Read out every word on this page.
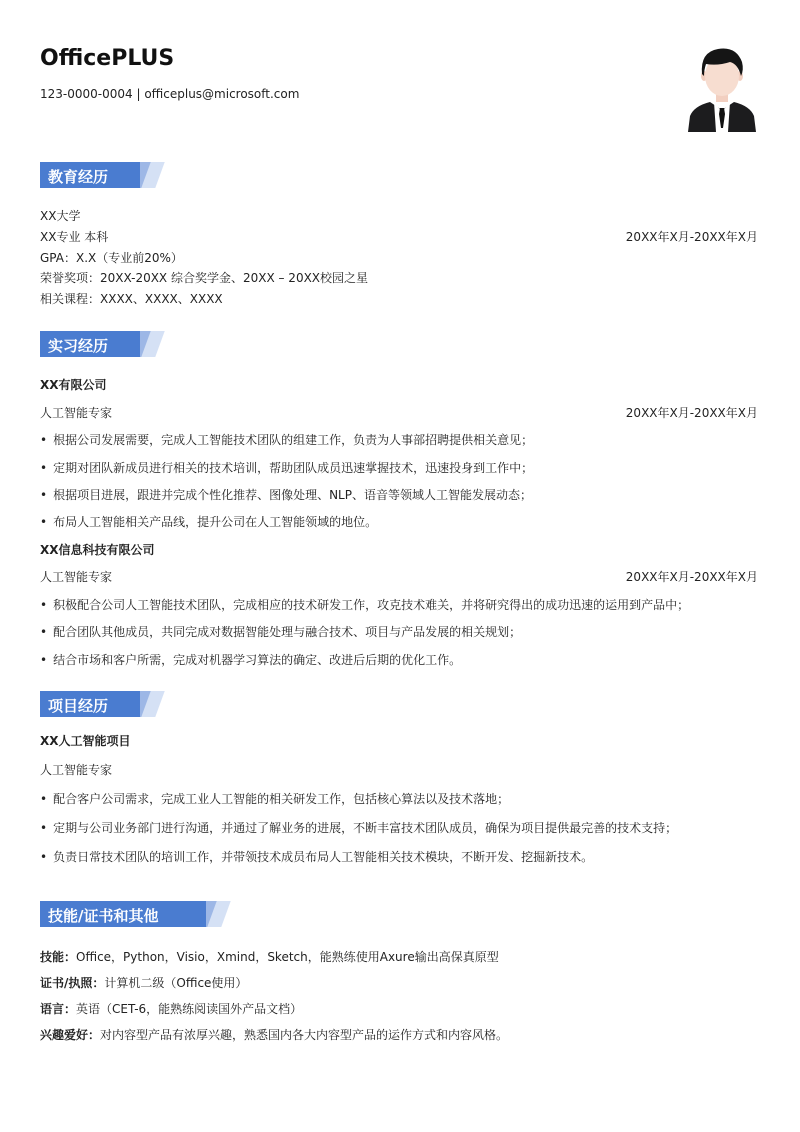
OfficePLUS
123-0000-0004 | officeplus@microsoft.com
教育经历
XX大学
XX专业 本科	20XX年X月-20XX年X月
GPA：X.X（专业前20%）
荣誉奖项：20XX-20XX 综合奖学金、20XX – 20XX校园之星
相关课程：XXXX、XXXX、XXXX
实习经历
XX有限公司
人工智能专家	20XX年X月-20XX年X月
• 根据公司发展需要，完成人工智能技术团队的组建工作，负责为人事部招聘提供相关意见；
• 定期对团队新成员进行相关的技术培训，帮助团队成员迅速掌握技术，迅速投身到工作中；
• 根据项目进展，跟进并完成个性化推荐、图像处理、NLP、语音等领域人工智能发展动态；
• 布局人工智能相关产品线，提升公司在人工智能领域的地位。
XX信息科技有限公司
人工智能专家	20XX年X月-20XX年X月
• 积极配合公司人工智能技术团队，完成相应的技术研发工作，攻克技术难关，并将研究得出的成功迅速的运用到产品中；
• 配合团队其他成员，共同完成对数据智能处理与融合技术、项目与产品发展的相关规划；
• 结合市场和客户所需，完成对机器学习算法的确定、改进后后期的优化工作。
项目经历
XX人工智能项目
人工智能专家
• 配合客户公司需求，完成工业人工智能的相关研发工作，包括核心算法以及技术落地；
• 定期与公司业务部门进行沟通，并通过了解业务的进展，不断丰富技术团队成员，确保为项目提供最完善的技术支持；
• 负责日常技术团队的培训工作，并带领技术成员布局人工智能相关技术模块，不断开发、挖掘新技术。
技能/证书和其他
技能：Office，Python，Visio，Xmind，Sketch，能熟练使用Axure输出高保真原型
证书/执照：计算机二级（Office使用）
语言：英语（CET-6，能熟练阅读国外产品文档）
兴趣爱好：对内容型产品有浓厚兴趣，熟悉国内各大内容型产品的运作方式和内容风格。
